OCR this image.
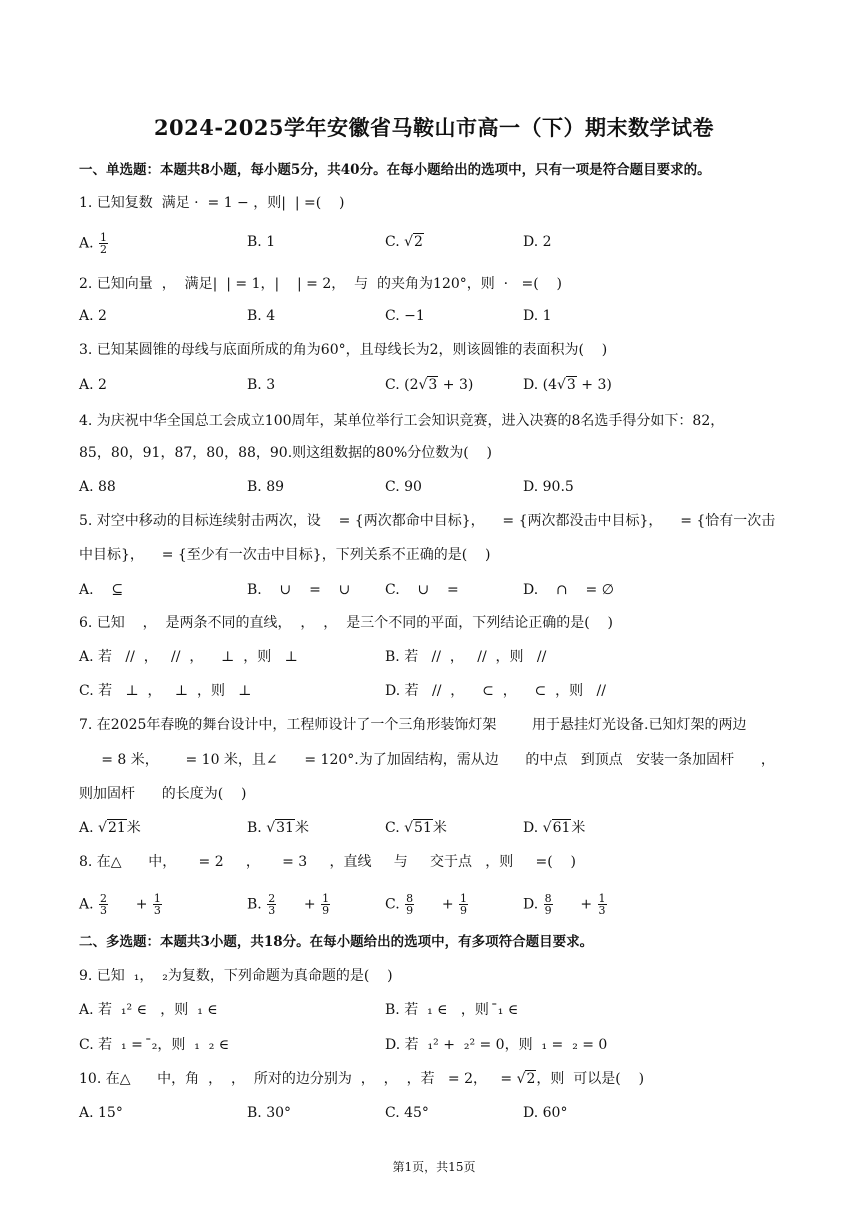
2024-2025学年安徽省马鞍山市高一（下）期末数学试卷
一、单选题：本题共8小题，每小题5分，共40分。在每小题给出的选项中，只有一项是符合题目要求的。
1. 已知复数  满足 ·  = 1 − ，则|  | =(    )
A. $\frac{1}{2}$	B. 1	C. √2	D. 2
2. 已知向量  ，  满足|  | = 1，|    | = 2，  与  的夹角为120°，则  ·   =(    )
A. 2	B. 4	C. −1	D. 1
3. 已知某圆锥的母线与底面所成的角为60°，且母线长为2，则该圆锥的表面积为(    )
A. 2	B. 3	C. (2√3 + 3)	D. (4√3 + 3)
4. 为庆祝中华全国总工会成立100周年，某单位举行工会知识竞赛，进入决赛的8名选手得分如下：82，
85，80，91，87，80，88，90.则这组数据的80%分位数为(    )
A. 88	B. 89	C. 90	D. 90.5
5. 对空中移动的目标连续射击两次，设    = {两次都命中目标}，    = {两次都没击中目标}，    = {恰有一次击
中目标}，    = {至少有一次击中目标}，下列关系不正确的是(    )
A.    ⊆	B.    ∪    =    ∪ C.    ∪    =	D.    ∩    = ∅
6. 已知    ，  是两条不同的直线，  ，  ，  是三个不同的平面，下列结论正确的是(    )
A. 若   //  ，   //  ，    ⊥  ，则   ⊥	B. 若   //  ，   //  ，则   //
C. 若   ⊥  ，   ⊥  ，则   ⊥	D. 若   //  ，    ⊂  ，    ⊂  ，则   //
7. 在2025年春晚的舞台设计中，工程师设计了一个三角形装饰灯架        用于悬挂灯光设备.已知灯架的两边
= 8 米，      = 10 米，且∠      = 120°.为了加固结构，需从边      的中点   到顶点   安装一条加固杆      ，
则加固杆      的长度为(    )
A. √21米	B. √31米	C. √51米	D. √61米
8. 在△      中，     = 2     ，     = 3     ，直线     与     交于点   ，则     =(    )
A. $\frac{2}{3} + \frac{1}{3}$	B. $\frac{2}{3} + \frac{1}{9}$	C. $\frac{8}{9} + \frac{1}{9}$	D. $\frac{8}{9} + \frac{1}{3}$
二、多选题：本题共3小题，共18分。在每小题给出的选项中，有多项符合题目要求。
9. 已知  ₁，  ₂为复数，下列命题为真命题的是(    )
A. 若  ₁² ∈   ，则  ₁ ∈	B. 若  ₁ ∈   ，则  ̄₁ ∈
C. 若  ₁ =  ̄₂，则  ₁  ₂ ∈	D. 若  ₁² +  ₂² = 0，则  ₁ =  ₂ = 0
10. 在△      中，角  ，  ，  所对的边分别为  ，  ，  ，若   = 2，   = √2，则  可以是(    )
A. 15°	B. 30°	C. 45°	D. 60°
第1页，共15页
